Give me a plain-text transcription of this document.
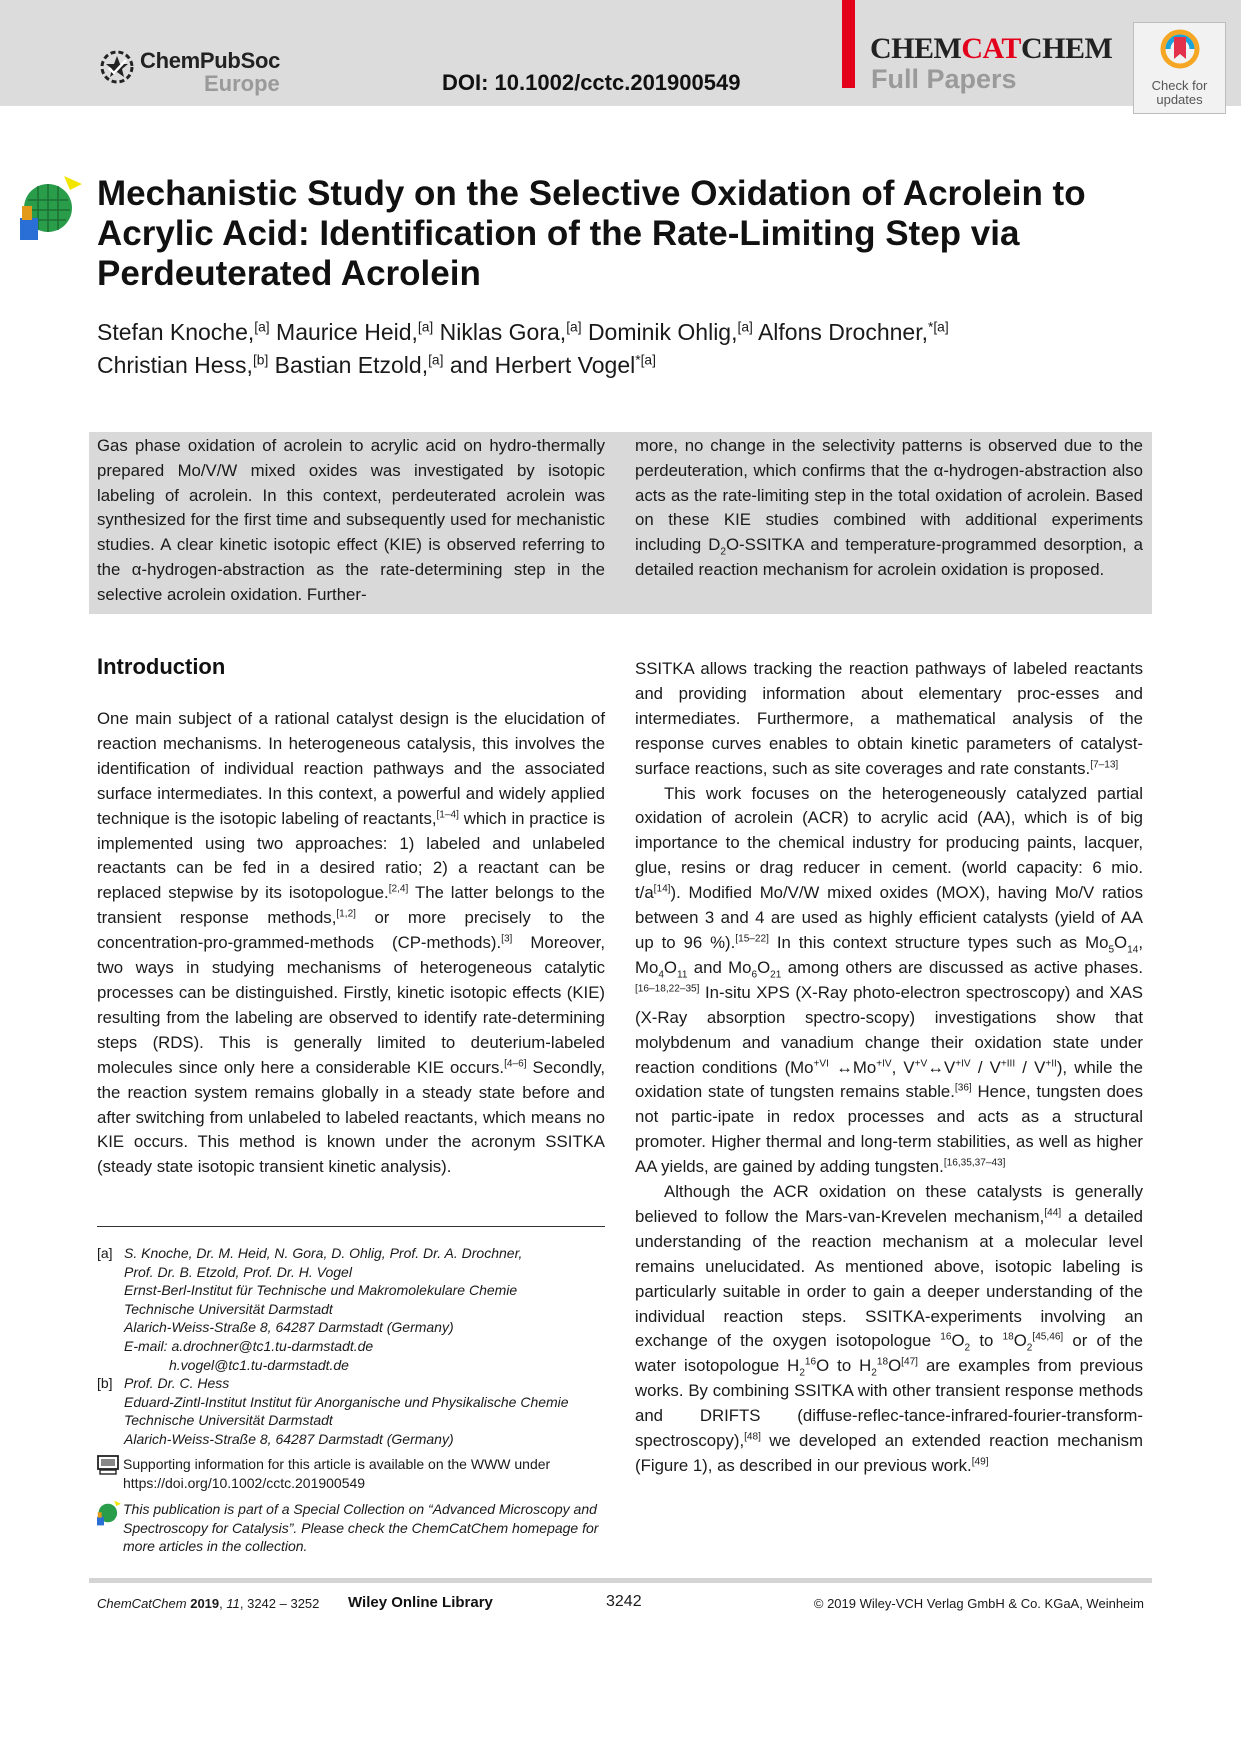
ChemPubSoc
Europe	DOI: 10.1002/cctc.201900549
CHEMCATCHEM
Full Papers	Check for
updates
Mechanistic Study on the Selective Oxidation of Acrolein to Acrylic Acid: Identification of the Rate-Limiting Step via Perdeuterated Acrolein
Stefan Knoche,[a] Maurice Heid,[a] Niklas Gora,[a] Dominik Ohlig,[a] Alfons Drochner,$^{*[a]}$
Christian Hess,[b] Bastian Etzold,[a] and Herbert Vogel$^{*[a]}$
Gas phase oxidation of acrolein to acrylic acid on hydro-thermally prepared Mo/V/W mixed oxides was investigated by isotopic labeling of acrolein. In this context, perdeuterated acrolein was synthesized for the first time and subsequently used for mechanistic studies. A clear kinetic isotopic effect (KIE) is observed referring to the α-hydrogen-abstraction as the rate-determining step in the selective acrolein oxidation. Further-
more, no change in the selectivity patterns is observed due to the perdeuteration, which confirms that the α-hydrogen-abstraction also acts as the rate-limiting step in the total oxidation of acrolein. Based on these KIE studies combined with additional experiments including $D_2O$-SSITKA and temperature-programmed desorption, a detailed reaction mechanism for acrolein oxidation is proposed.
Introduction

One main subject of a rational catalyst design is the elucidation of reaction mechanisms. In heterogeneous catalysis, this involves the identification of individual reaction pathways and the associated surface intermediates. In this context, a powerful and widely applied technique is the isotopic labeling of reactants,[1–4] which in practice is implemented using two approaches: 1) labeled and unlabeled reactants can be fed in a desired ratio; 2) a reactant can be replaced stepwise by its isotopologue.[2,4] The latter belongs to the transient response methods,[1,2] or more precisely to the concentration-pro-grammed-methods (CP-methods).[3] Moreover, two ways in studying mechanisms of heterogeneous catalytic processes can be distinguished. Firstly, kinetic isotopic effects (KIE) resulting from the labeling are observed to identify rate-determining steps (RDS). This is generally limited to deuterium-labeled molecules since only here a considerable KIE occurs.[4–6] Secondly, the reaction system remains globally in a steady state before and after switching from unlabeled to labeled reactants, which means no KIE occurs. This method is known under the acronym SSITKA (steady state isotopic transient kinetic analysis).

[a] S. Knoche, Dr. M. Heid, N. Gora, D. Ohlig, Prof. Dr. A. Drochner,
Prof. Dr. B. Etzold, Prof. Dr. H. Vogel
Ernst-Berl-Institut für Technische und Makromolekulare Chemie
Technische Universität Darmstadt
Alarich-Weiss-Straße 8, 64287 Darmstadt (Germany)
E-mail: a.drochner@tc1.tu-darmstadt.de
h.vogel@tc1.tu-darmstadt.de
[b] Prof. Dr. C. Hess
Eduard-Zintl-Institut Institut für Anorganische und Physikalische Chemie
Technische Universität Darmstadt
Alarich-Weiss-Straße 8, 64287 Darmstadt (Germany)
Supporting information for this article is available on the WWW under https://doi.org/10.1002/cctc.201900549
This publication is part of a Special Collection on “Advanced Microscopy and Spectroscopy for Catalysis”. Please check the ChemCatChem homepage for more articles in the collection.

SSITKA allows tracking the reaction pathways of labeled reactants and providing information about elementary proc-esses and intermediates. Furthermore, a mathematical analysis of the response curves enables to obtain kinetic parameters of catalyst-surface reactions, such as site coverages and rate constants.[7–13]

This work focuses on the heterogeneously catalyzed partial oxidation of acrolein (ACR) to acrylic acid (AA), which is of big importance to the chemical industry for producing paints, lacquer, glue, resins or drag reducer in cement. (world capacity: 6 mio. t/a[14]). Modified Mo/V/W mixed oxides (MOX), having Mo/V ratios between 3 and 4 are used as highly efficient catalysts (yield of AA up to 96 %).[15–22] In this context structure types such as $Mo_5O_{14}$, $Mo_4O_{11}$ and $Mo_6O_{21}$ among others are discussed as active phases.[16–18,22–35] In-situ XPS (X-Ray photo-electron spectroscopy) and XAS (X-Ray absorption spectro-scopy) investigations show that molybdenum and vanadium change their oxidation state under reaction conditions ($Mo^{+VI}$ $\leftrightarrow Mo^{+IV}$, $V^{+V}\leftrightarrow V^{+IV} / V^{+III} / V^{+II}$), while the oxidation state of tungsten remains stable.[36] Hence, tungsten does not partic-ipate in redox processes and acts as a structural promoter. Higher thermal and long-term stabilities, as well as higher AA yields, are gained by adding tungsten.[16,35,37–43]

Although the ACR oxidation on these catalysts is generally believed to follow the Mars-van-Krevelen mechanism,[44] a detailed understanding of the reaction mechanism at a molecular level remains unelucidated. As mentioned above, isotopic labeling is particularly suitable in order to gain a deeper understanding of the individual reaction steps. SSITKA-experiments involving an exchange of the oxygen isotopologue $^{16}O_2$ to $^{18}O_2[45,46]$ or of the water isotopologue $H_2^{16}O$ to $H_2^{18}O[47]$ are examples from previous works. By combining SSITKA with other transient response methods and DRIFTS (diffuse-reflec-tance-infrared-fourier-transform-spectroscopy),[48] we developed an extended reaction mechanism (Figure 1), as described in our previous work.[49]

ChemCatChem 2019, 11, 3242 – 3252 Wiley Online Library	3242	© 2019 Wiley-VCH Verlag GmbH & Co. KGaA, Weinheim
